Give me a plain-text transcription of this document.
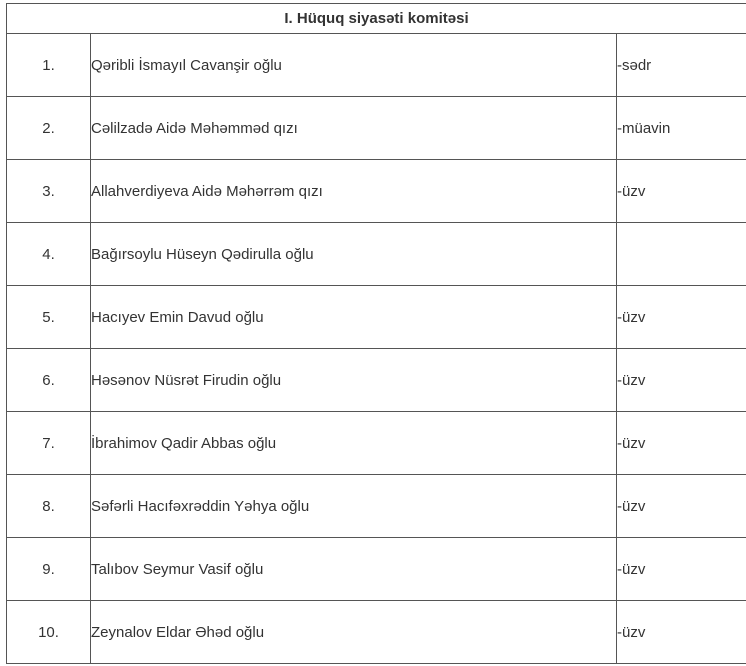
I. Hüquq siyasəti komitəsi		
1.	Qəribli İsmayıl Cavanşir oğlu	-sədr
2.	Cəlilzadə Aidə Məhəmməd qızı	-müavin
3.	Allahverdiyeva Aidə Məhərrəm qızı	-üzv
4.	Bağırsoylu Hüseyn Qədirulla oğlu	
5.	Hacıyev Emin Davud oğlu	-üzv
6.	Həsənov Nüsrət Firudin oğlu	-üzv
7.	İbrahimov Qadir Abbas oğlu	-üzv
8.	Səfərli Hacıfəxrəddin Yəhya oğlu	-üzv
9.	Talıbov Seymur Vasif oğlu	-üzv
10.	Zeynalov Eldar Əhəd oğlu	-üzv
